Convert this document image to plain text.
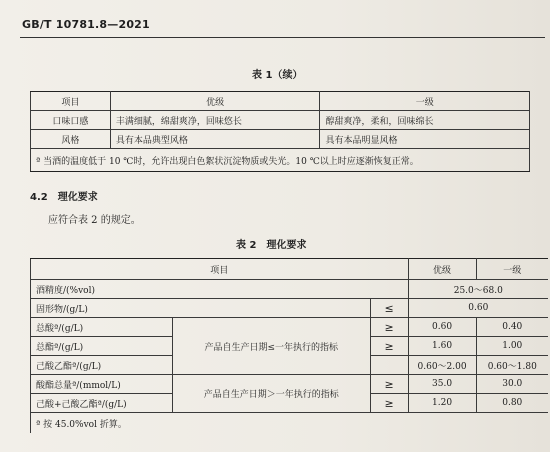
GB/T 10781.8—2021
表 1（续）
项目	优级	一级
口味口感	丰满细腻，绵甜爽净，回味悠长	醇甜爽净，柔和，回味绵长
风格	具有本品典型风格	具有本品明显风格
ª 当酒的温度低于 10 ℃时，允许出现白色絮状沉淀物质或失光。10 ℃以上时应逐渐恢复正常。		
4.2 理化要求
应符合表 2 的规定。
表 2　理化要求
项目			优级	一级
酒精度/(%vol)			25.0～68.0	
固形物/(g/L)		≤	0.60	
总酸ª/(g/L)	产品自生产日期≤一年执行的指标	≥	0.60	0.40
总酯ª/(g/L)		≥	1.60	1.00
己酸乙酯ª/(g/L)			0.60～2.00	0.60～1.80
酸酯总量ª/(mmol/L)	产品自生产日期＞一年执行的指标	≥	35.0	30.0
己酸+己酸乙酯ª/(g/L)		≥	1.20	0.80
ª 按 45.0%vol 折算。				
